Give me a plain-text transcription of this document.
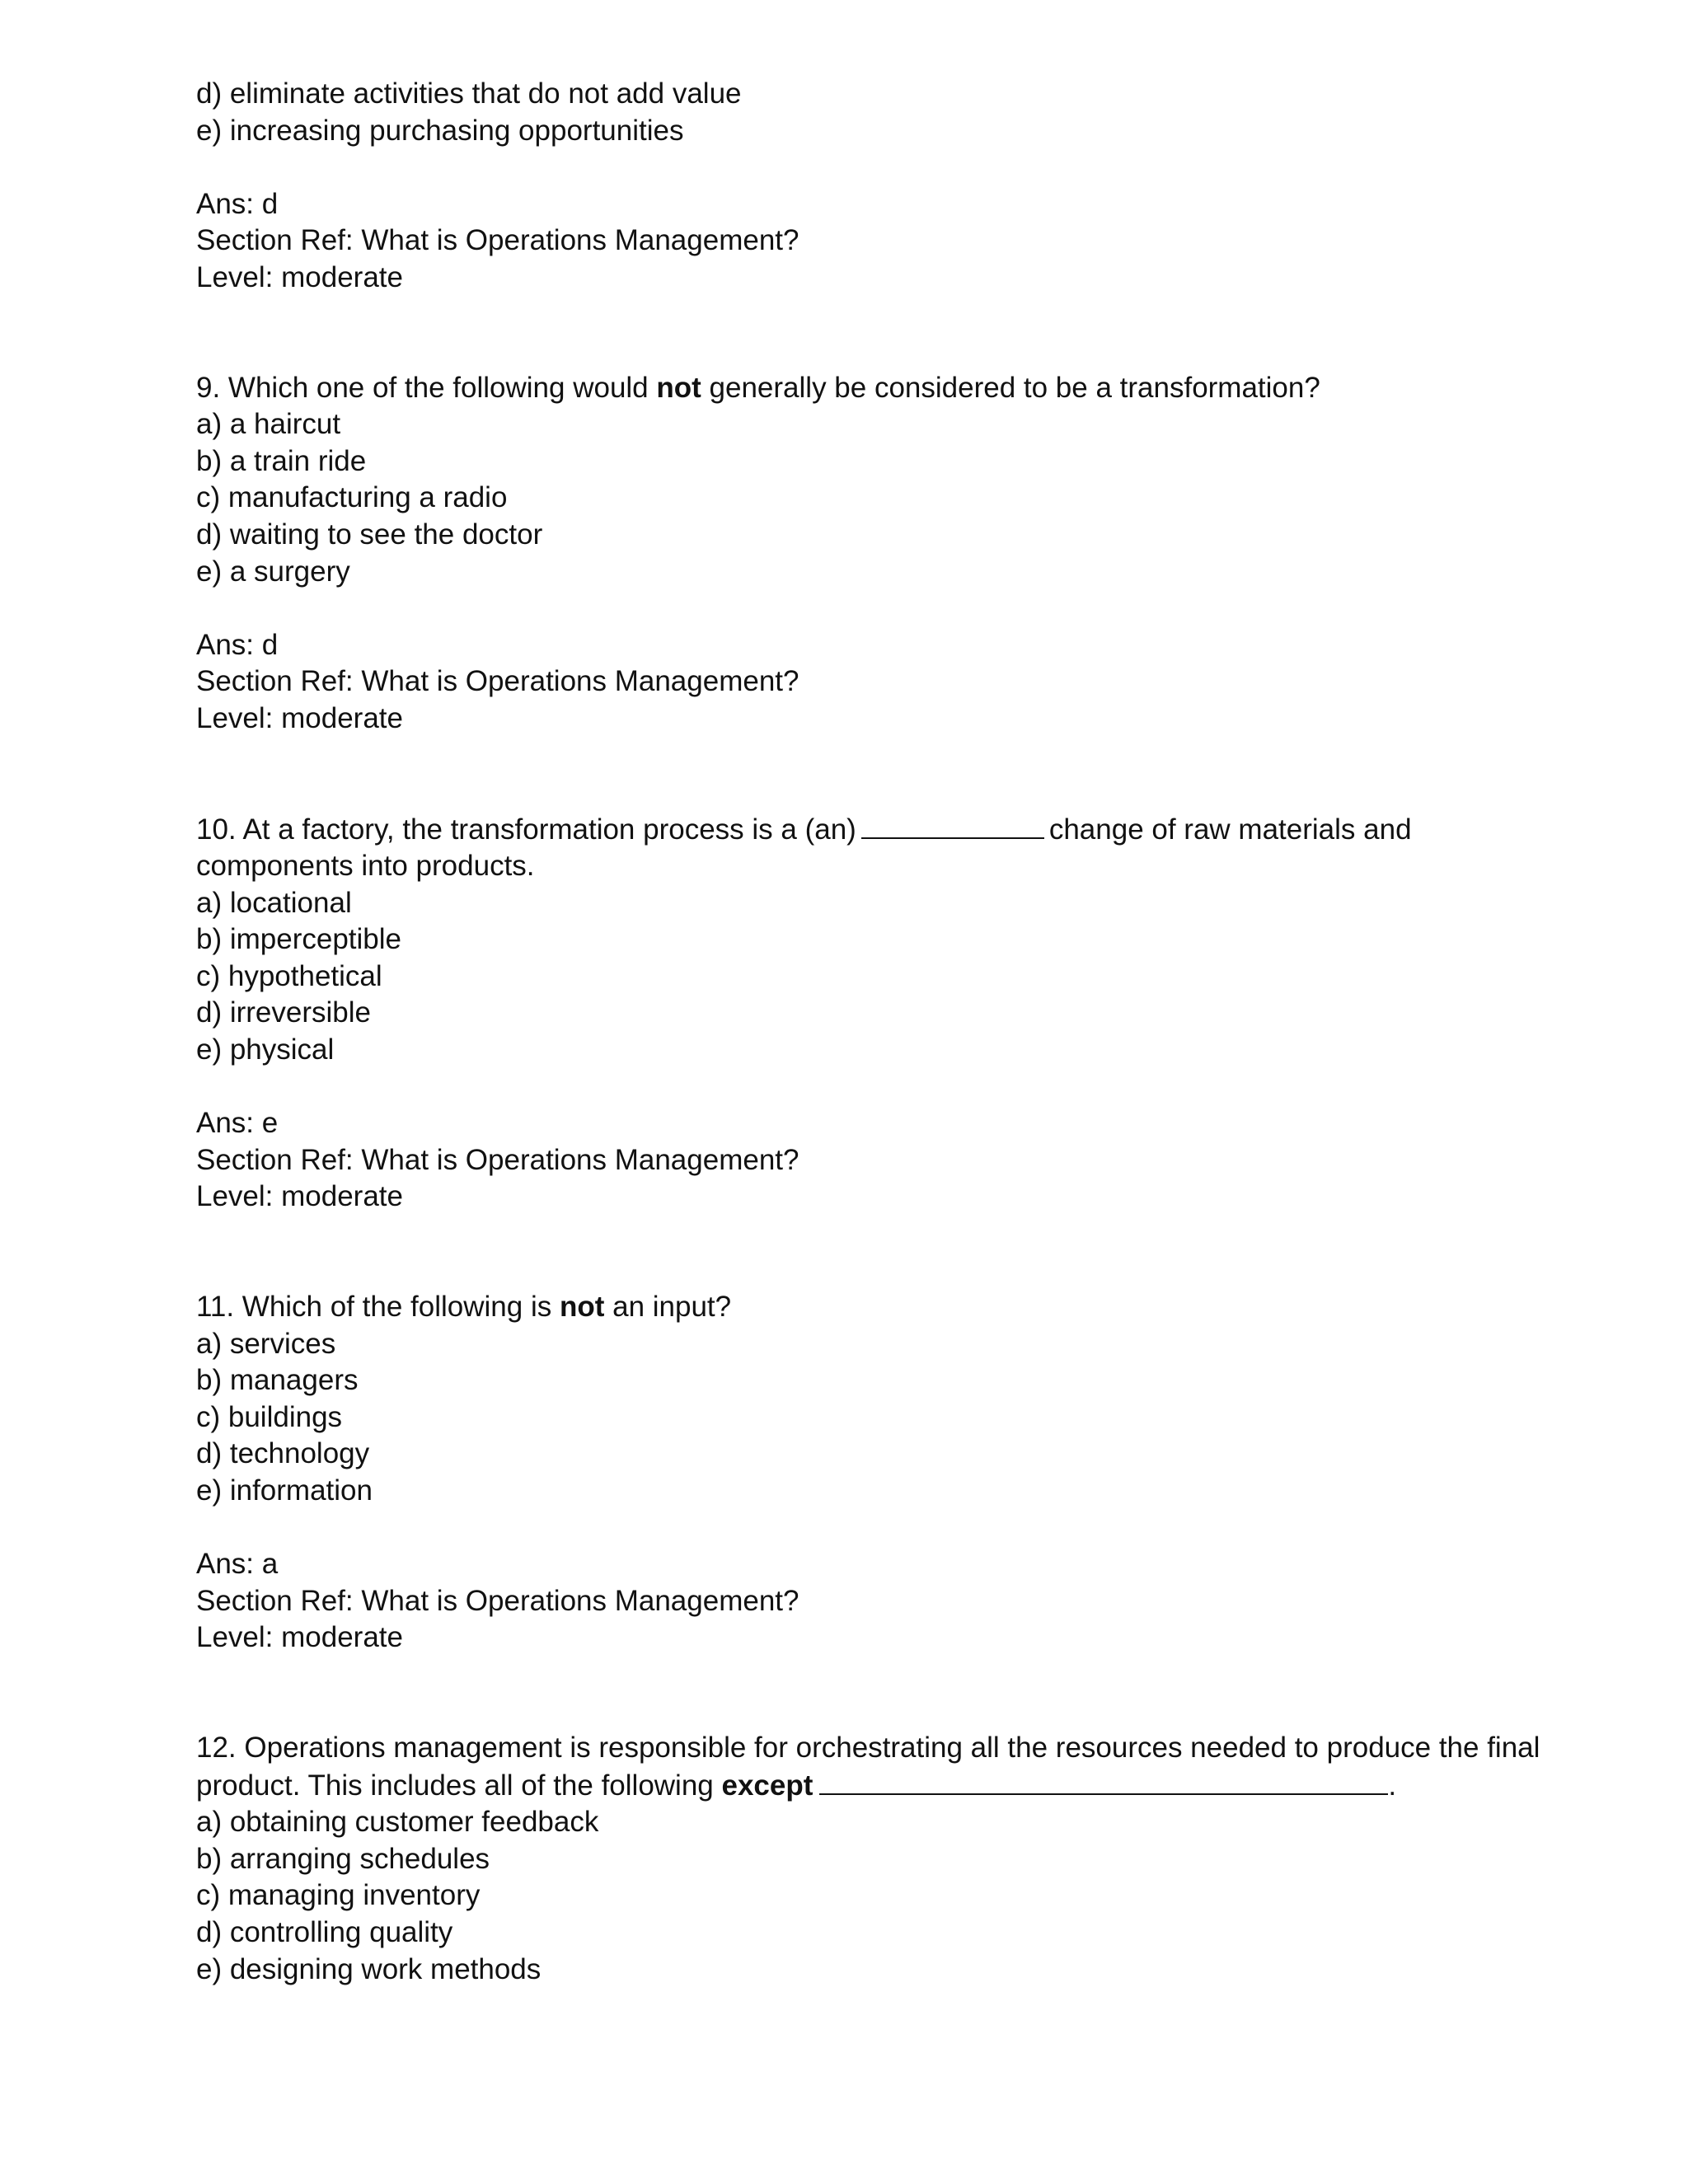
d) eliminate activities that do not add value
e) increasing purchasing opportunities
Ans: d
Section Ref: What is Operations Management?
Level: moderate
9. Which one of the following would not generally be considered to be a transformation?
a) a haircut
b) a train ride
c) manufacturing a radio
d) waiting to see the doctor
e) a surgery
Ans: d
Section Ref: What is Operations Management?
Level: moderate
10. At a factory, the transformation process is a (an)	change of raw materials and
components into products.
a) locational
b) imperceptible
c) hypothetical
d) irreversible
e) physical
Ans: e
Section Ref: What is Operations Management?
Level: moderate
11. Which of the following is not an input?
a) services
b) managers
c) buildings
d) technology
e) information
Ans: a
Section Ref: What is Operations Management?
Level: moderate
12. Operations management is responsible for orchestrating all the resources needed to produce the final
product. This includes all of the following except	.
a) obtaining customer feedback
b) arranging schedules
c) managing inventory
d) controlling quality
e) designing work methods
